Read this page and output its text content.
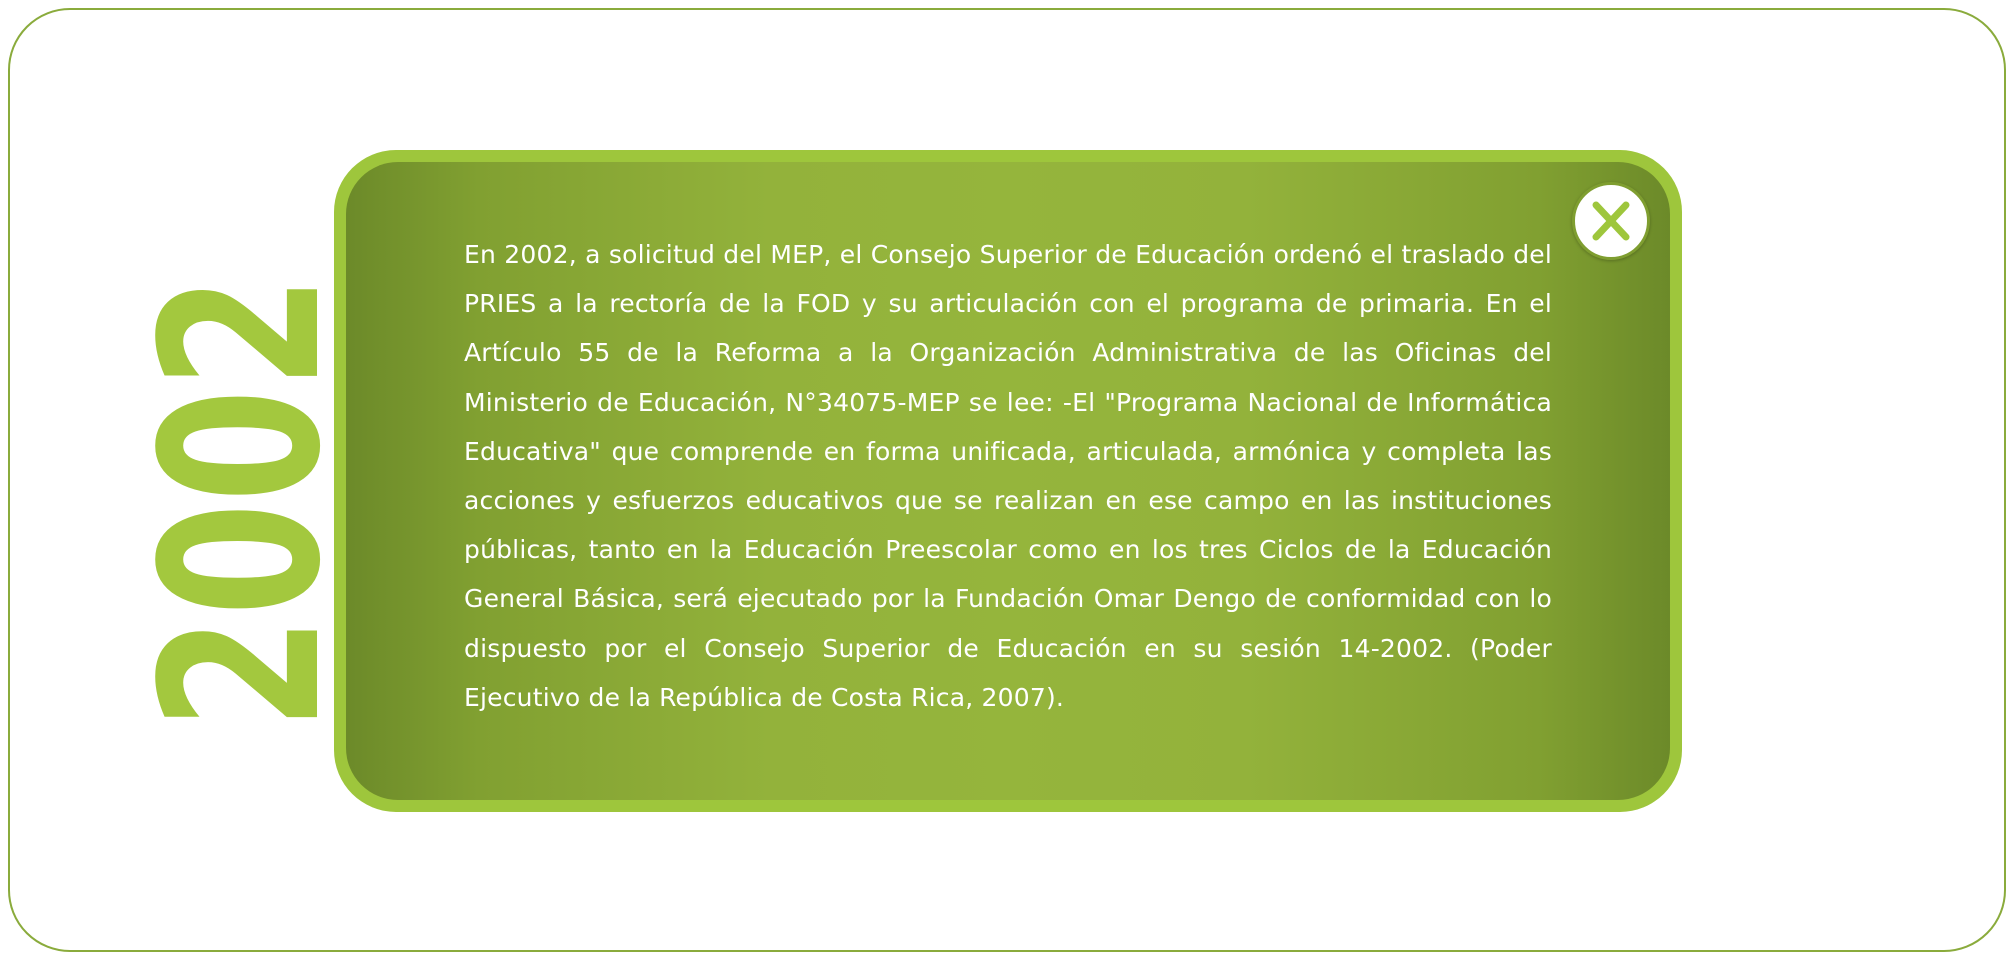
2002	En 2002, a solicitud del MEP, el Consejo Superior de Educación ordenó el traslado del PRIES a la rectoría de la FOD y su articulación con el programa de primaria. En el Artículo 55 de la Reforma a la Organización Administrativa de las Oficinas del Ministerio de Educación, N°34075-MEP se lee: -El "Programa Nacional de Informática Educativa" que comprende en forma unificada, articulada, armónica y completa las acciones y esfuerzos educativos que se realizan en ese campo en las instituciones públicas, tanto en la Educación Preescolar como en los tres Ciclos de la Educación General Básica, será ejecutado por la Fundación Omar Dengo de conformidad con lo dispuesto por el Consejo Superior de Educación en su sesión 14-2002. (Poder Ejecutivo de la República de Costa Rica, 2007).
